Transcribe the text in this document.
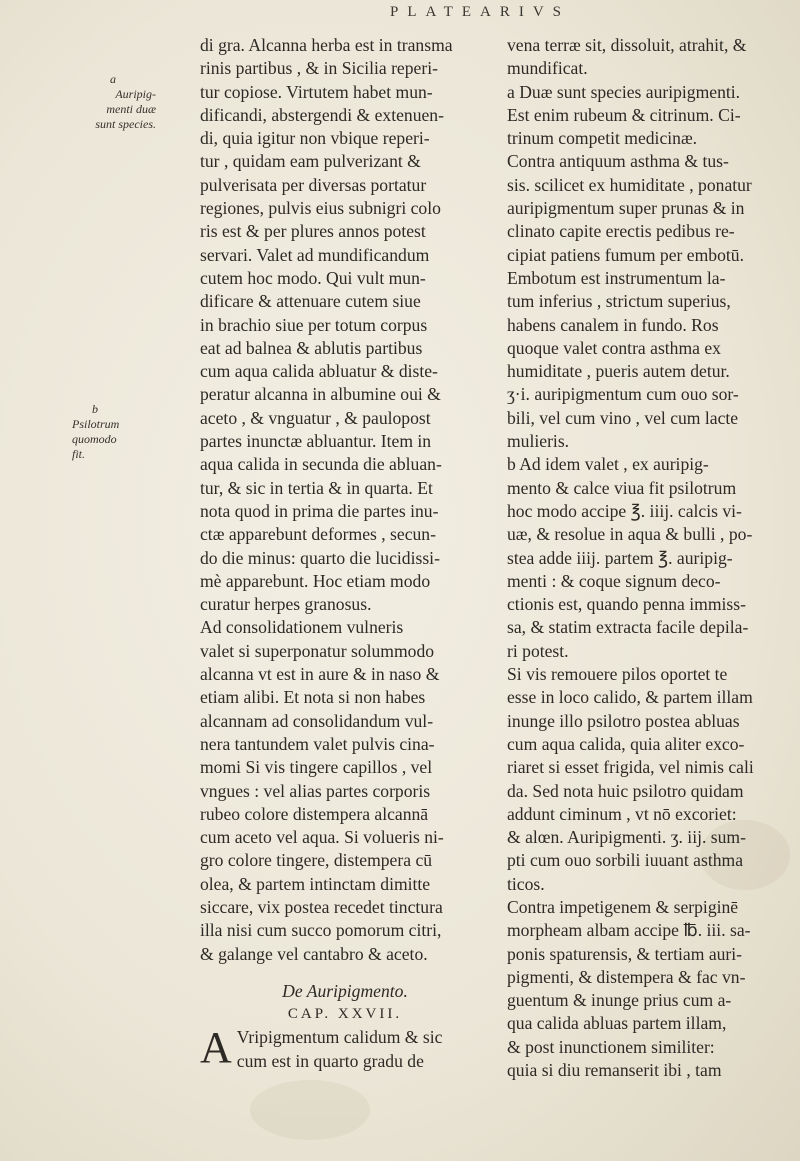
PLATEARIVS
a
Auripig-
menti duæ
sunt species.
b
Psilotrum
quomodo
fit.
di gra. Alcanna herba est in transma
rinis partibus , & in Sicilia reperi-
tur copiose. Virtutem habet mun-
dificandi, abstergendi & extenuen-
di, quia igitur non vbique reperi-
tur , quidam eam pulverizant &
pulverisata per diversas portatur
regiones, pulvis eius subnigri colo
ris est & per plures annos potest
servari. Valet ad mundificandum
cutem hoc modo. Qui vult mun-
dificare & attenuare cutem siue
in brachio siue per totum corpus
eat ad balnea & ablutis partibus
cum aqua calida abluatur & diste-
peratur alcanna in albumine oui &
aceto , & vnguatur , & paulopost
partes inunctæ abluantur. Item in
aqua calida in secunda die abluan-
tur, & sic in tertia & in quarta. Et
nota quod in prima die partes inu-
ctæ apparebunt deformes , secun-
do die minus: quarto die lucidissi-
mè apparebunt. Hoc etiam modo
curatur herpes granosus.
Ad consolidationem vulneris
valet si superponatur solummodo
alcanna vt est in aure & in naso &
etiam alibi. Et nota si non habes
alcannam ad consolidandum vul-
nera tantundem valet pulvis cina-
momi Si vis tingere capillos , vel
vngues : vel alias partes corporis
rubeo colore distempera alcannā
cum aceto vel aqua. Si volueris ni-
gro colore tingere, distempera cū
olea, & partem intinctam dimitte
siccare, vix postea recedet tinctura
illa nisi cum succo pomorum citri,
& galange vel cantabro & aceto.
De Auripigmento.
CAP. XXVII.
A Vripigmentum calidum & sic
cum est in quarto gradu de
vena terræ sit, dissoluit, atrahit, &
mundificat.
a Duæ sunt species auripigmenti.
Est enim rubeum & citrinum. Ci-
trinum competit medicinæ.
Contra antiquum asthma & tus-
sis. scilicet ex humiditate , ponatur
auripigmentum super prunas & in
clinato capite erectis pedibus re-
cipiat patiens fumum per embotū.
Embotum est instrumentum la-
tum inferius , strictum superius,
habens canalem in fundo. Ros
quoque valet contra asthma ex
humiditate , pueris autem detur.
ʒ·i. auripigmentum cum ouo sor-
bili, vel cum vino , vel cum lacte
mulieris.
b Ad idem valet , ex auripig-
mento & calce viua fit psilotrum
hoc modo accipe ℥. iiij. calcis vi-
uæ, & resolue in aqua & bulli , po-
stea adde iiij. partem ℥. auripig-
menti : & coque signum deco-
ctionis est, quando penna immiss-
sa, & statim extracta facile depila-
ri potest.
Si vis remouere pilos oportet te
esse in loco calido, & partem illam
inunge illo psilotro postea abluas
cum aqua calida, quia aliter exco-
riaret si esset frigida, vel nimis cali
da. Sed nota huic psilotro quidam
addunt ciminum , vt nō excoriet:
& alœn. Auripigmenti. ʒ. iij. sum-
pti cum ouo sorbili iuuant asthma
ticos.
Contra impetigenem & serpiginē
morpheam albam accipe ℔. iii. sa-
ponis spaturensis, & tertiam auri-
pigmenti, & distempera & fac vn-
guentum & inunge prius cum a-
qua calida abluas partem illam,
& post inunctionem similiter:
quia si diu remanserit ibi , tam
